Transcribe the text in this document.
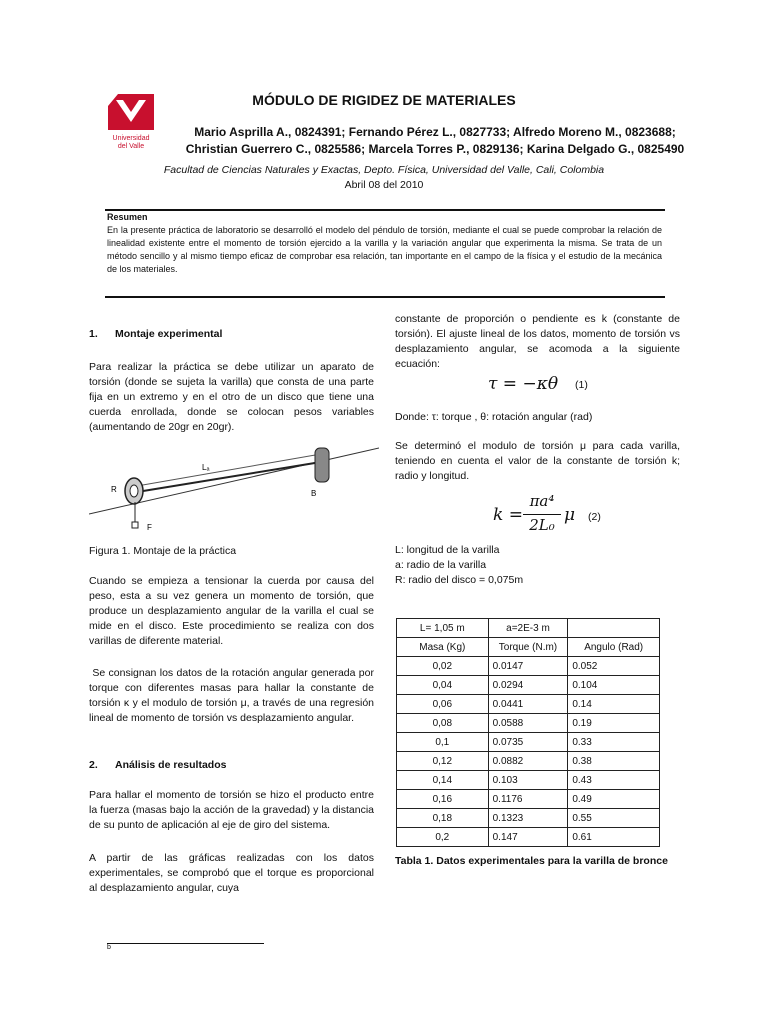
Universidad
del Valle
MÓDULO DE RIGIDEZ DE MATERIALES
Mario Asprilla A., 0824391; Fernando Pérez L., 0827733; Alfredo Moreno M., 0823688;
Christian Guerrero C., 0825586; Marcela Torres P., 0829136; Karina Delgado G., 0825490
Facultad de Ciencias Naturales y Exactas, Depto. Física, Universidad del Valle, Cali, Colombia
Abril 08 del 2010
Resumen
En la presente práctica de laboratorio se desarrolló el modelo del péndulo de torsión, mediante el cual se puede comprobar la relación de linealidad existente entre el momento de torsión ejercido a la varilla y la variación angular que experimenta la misma. Se trata de un método sencillo y al mismo tiempo eficaz de comprobar esa relación, tan importante en el campo de la física y el estudio de la mecánica de los materiales.
1. Montaje experimental
Para realizar la práctica se debe utilizar un aparato de torsión (donde se sujeta la varilla) que consta de una parte fija en un extremo y en el otro de un disco que tiene una cuerda enrollada, donde se colocan pesos variables (aumentando de 20gr en 20gr).
Lₐ
R	B
F
Figura 1. Montaje de la práctica
Cuando se empieza a tensionar la cuerda por causa del peso, esta a su vez genera un momento de torsión, que produce un desplazamiento angular de la varilla el cual se mide en el disco. Este procedimiento se realiza con dos varillas de diferente material.
Se consignan los datos de la rotación angular generada por torque con diferentes masas para hallar la constante de torsión κ y el modulo de torsión μ, a través de una regresión lineal de momento de torsión vs desplazamiento angular.
2. Análisis de resultados
Para hallar el momento de torsión se hizo el producto entre la fuerza (masas bajo la acción de la gravedad) y la distancia de su punto de aplicación al eje de giro del sistema.
A partir de las gráficas realizadas con los datos experimentales, se comprobó que el torque es proporcional al desplazamiento angular, cuya
b
constante de proporción o pendiente es k (constante de torsión). El ajuste lineal de los datos, momento de torsión vs desplazamiento angular, se acomoda a la siguiente ecuación:
τ = −κθ (1)
Donde: τ: torque , θ: rotación angular (rad)
Se determinó el modulo de torsión μ para cada varilla, teniendo en cuenta el valor de la constante de torsión k; radio y longitud.
k =
πa⁴
2L₀ μ (2)
L: longitud de la varilla
a: radio de la varilla
R: radio del disco = 0,075m
L= 1,05 m	a=2E-3 m	
Masa (Kg)	Torque (N.m)	Angulo (Rad)
0,02	0.0147	0.052
0,04	0.0294	0.104
0,06	0.0441	0.14
0,08	0.0588	0.19
0,1	0.0735	0.33
0,12	0.0882	0.38
0,14	0.103	0.43
0,16	0.1176	0.49
0,18	0.1323	0.55
0,2	0.147	0.61
Tabla 1. Datos experimentales para la varilla de bronce
